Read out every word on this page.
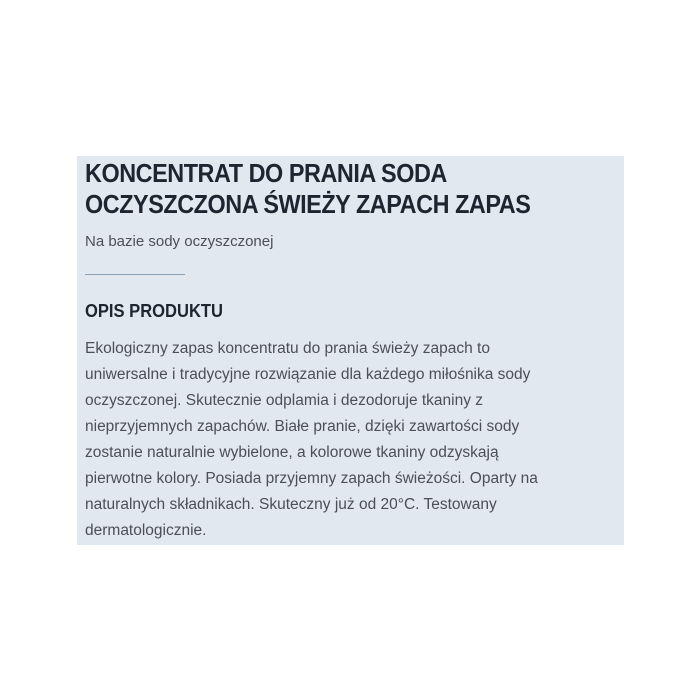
KONCENTRAT DO PRANIA SODA
OCZYSZCZONA ŚWIEŻY ZAPACH ZAPAS

Na bazie sody oczyszczonej

OPIS PRODUKTU

Ekologiczny zapas koncentratu do prania świeży zapach to
uniwersalne i tradycyjne rozwiązanie dla każdego miłośnika sody
oczyszczonej. Skutecznie odplamia i dezodoruje tkaniny z
nieprzyjemnych zapachów. Białe pranie, dzięki zawartości sody
zostanie naturalnie wybielone, a kolorowe tkaniny odzyskają
pierwotne kolory. Posiada przyjemny zapach świeżości. Oparty na
naturalnych składnikach. Skuteczny już od 20°C. Testowany
dermatologicznie.
